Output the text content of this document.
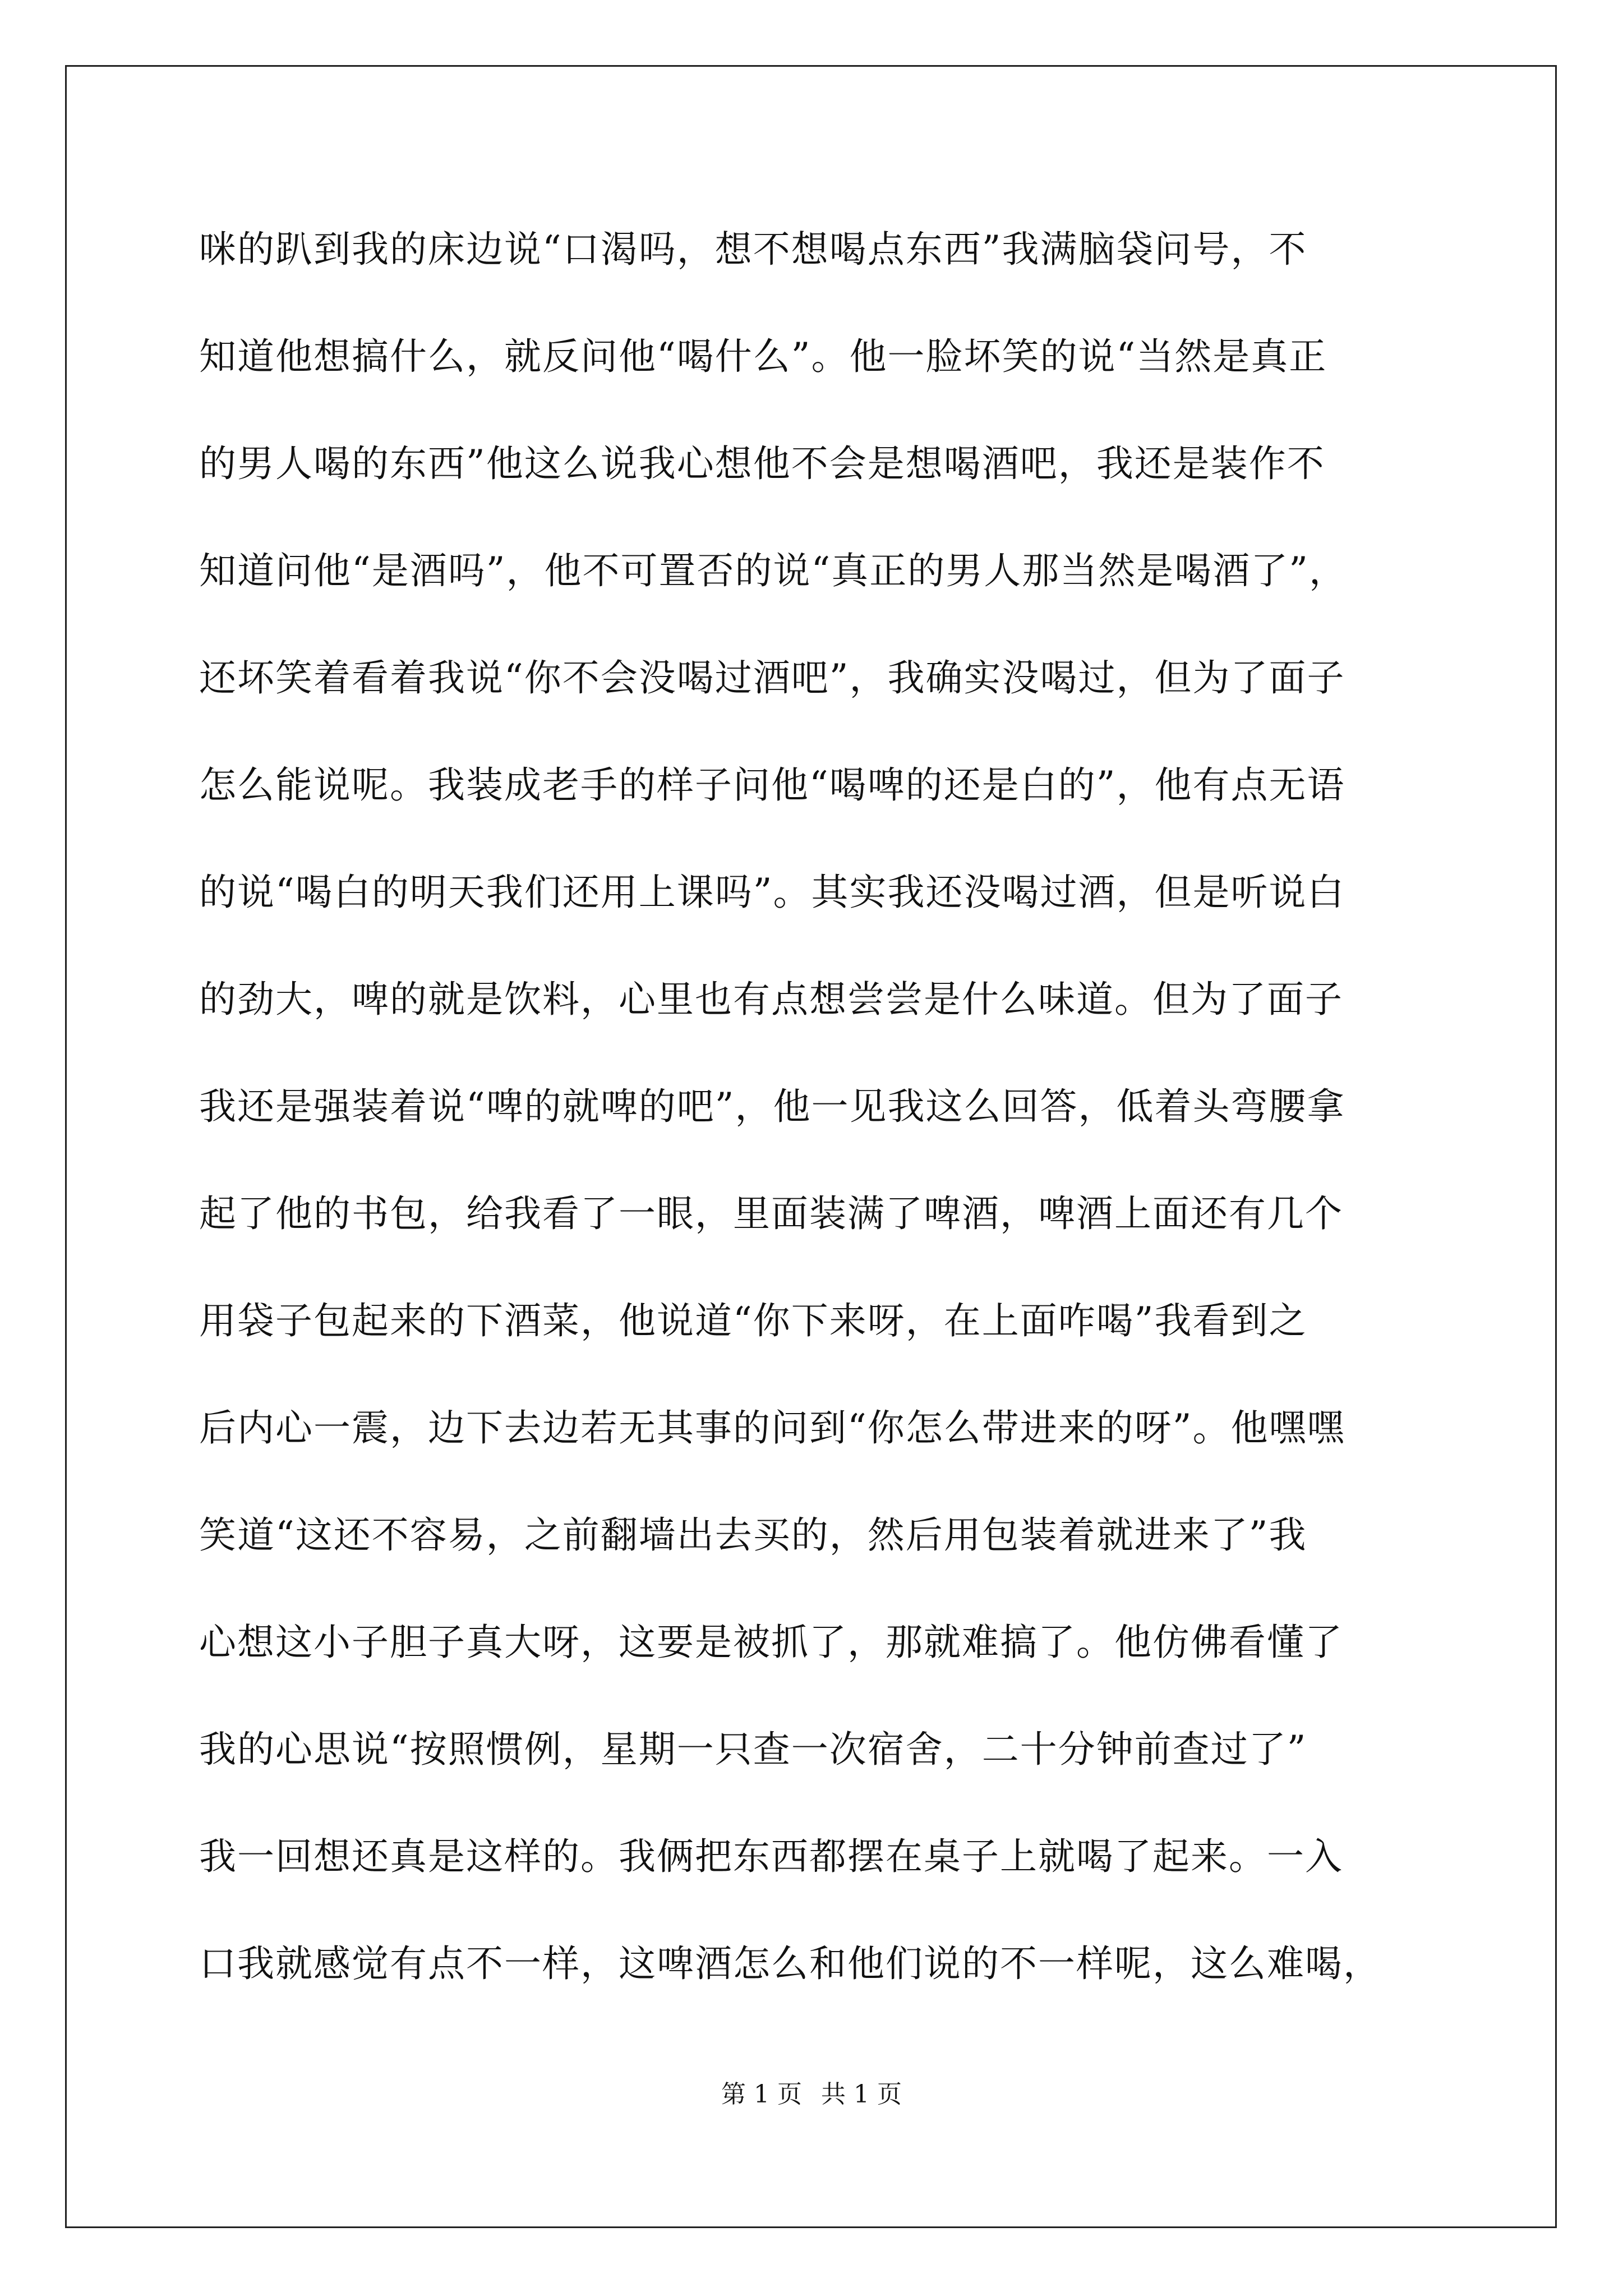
咪的趴到我的床边说“口渴吗，想不想喝点东西”我满脑袋问号，不
知道他想搞什么，就反问他“喝什么”。他一脸坏笑的说“当然是真正
的男人喝的东西”他这么说我心想他不会是想喝酒吧，我还是装作不
知道问他“是酒吗”，他不可置否的说“真正的男人那当然是喝酒了”，
还坏笑着看着我说“你不会没喝过酒吧”，我确实没喝过，但为了面子
怎么能说呢。我装成老手的样子问他“喝啤的还是白的”，他有点无语
的说“喝白的明天我们还用上课吗”。其实我还没喝过酒，但是听说白
的劲大，啤的就是饮料，心里也有点想尝尝是什么味道。但为了面子
我还是强装着说“啤的就啤的吧”，他一见我这么回答，低着头弯腰拿
起了他的书包，给我看了一眼，里面装满了啤酒，啤酒上面还有几个
用袋子包起来的下酒菜，他说道“你下来呀，在上面咋喝”我看到之
后内心一震，边下去边若无其事的问到“你怎么带进来的呀”。他嘿嘿
笑道“这还不容易，之前翻墙出去买的，然后用包装着就进来了”我
心想这小子胆子真大呀，这要是被抓了，那就难搞了。他仿佛看懂了
我的心思说“按照惯例，星期一只查一次宿舍，二十分钟前查过了”
我一回想还真是这样的。我俩把东西都摆在桌子上就喝了起来。一入
口我就感觉有点不一样，这啤酒怎么和他们说的不一样呢，这么难喝，
第 1 页 共 1 页
